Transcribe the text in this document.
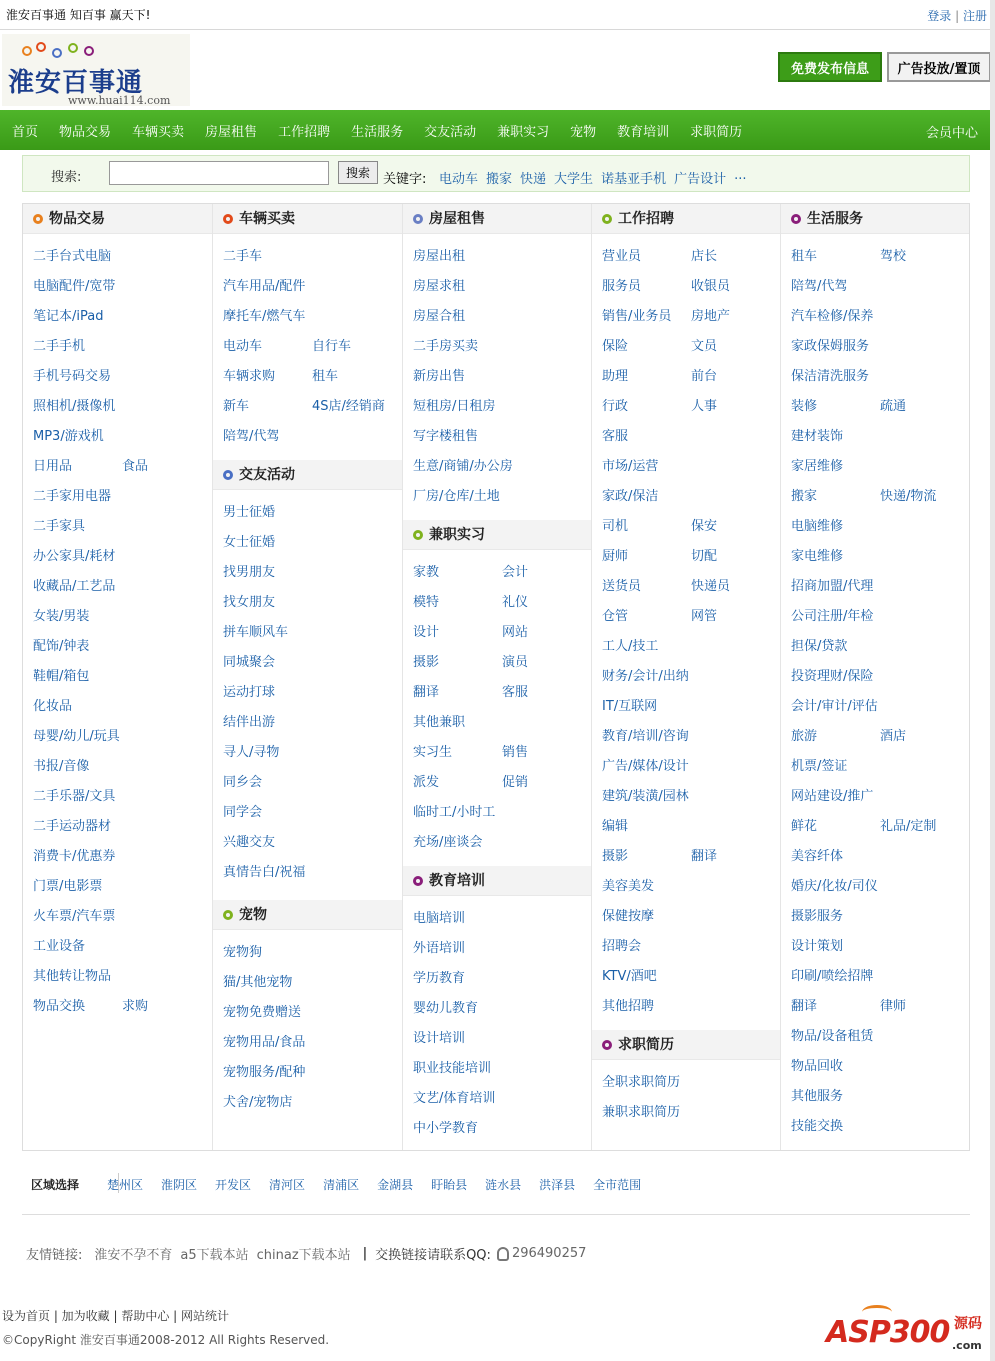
淮安百事通 知百事 赢天下!	登录 | 注册
淮安百事通
www.huai114.com
免费发布信息	广告投放/置顶
首页 物品交易 车辆买卖 房屋租售 工作招聘 生活服务 交友活动 兼职实习 宠物 教育培训 求职简历	会员中心
搜索:	搜索	关键字: 电动车 搬家 快递 大学生 诺基亚手机 广告设计 ...
物品交易
二手台式电脑
电脑配件/宽带
笔记本/iPad
二手手机
手机号码交易
照相机/摄像机
MP3/游戏机
日用品	食品
二手家用电器
二手家具
办公家具/耗材
收藏品/工艺品
女装/男装
配饰/钟表
鞋帽/箱包
化妆品
母婴/幼儿/玩具
书报/音像
二手乐器/文具
二手运动器材
消费卡/优惠券
门票/电影票
火车票/汽车票
工业设备
其他转让物品
物品交换	求购
车辆买卖
二手车
汽车用品/配件
摩托车/燃气车
电动车	自行车
车辆求购	租车
新车	4S店/经销商
陪驾/代驾
交友活动
男士征婚
女士征婚
找男朋友
找女朋友
拼车顺风车
同城聚会
运动打球
结伴出游
寻人/寻物
同乡会
同学会
兴趣交友
真情告白/祝福
宠物
宠物狗
猫/其他宠物
宠物免费赠送
宠物用品/食品
宠物服务/配种
犬舍/宠物店
房屋租售
房屋出租
房屋求租
房屋合租
二手房买卖
新房出售
短租房/日租房
写字楼租售
生意/商铺/办公房
厂房/仓库/土地
兼职实习
家教	会计
模特	礼仪
设计	网站
摄影	演员
翻译	客服
其他兼职
实习生	销售
派发	促销
临时工/小时工
充场/座谈会
教育培训
电脑培训
外语培训
学历教育
婴幼儿教育
设计培训
职业技能培训
文艺/体育培训
中小学教育
工作招聘
营业员	店长
服务员	收银员
销售/业务员 房地产
保险	文员
助理	前台
行政	人事
客服
市场/运营
家政/保洁
司机	保安
厨师	切配
送货员	快递员
仓管	网管
工人/技工
财务/会计/出纳
IT/互联网
教育/培训/咨询
广告/媒体/设计
建筑/装潢/园林
编辑
摄影	翻译
美容美发
保健按摩
招聘会
KTV/酒吧
其他招聘
求职简历
全职求职简历
兼职求职简历
生活服务
租车	驾校
陪驾/代驾
汽车检修/保养
家政保姆服务
保洁清洗服务
装修	疏通
建材装饰
家居维修
搬家	快递/物流
电脑维修
家电维修
招商加盟/代理
公司注册/年检
担保/贷款
投资理财/保险
会计/审计/评估
旅游	酒店
机票/签证
网站建设/推广
鲜花	礼品/定制
美容纤体
婚庆/化妆/司仪
摄影服务
设计策划
印刷/喷绘招牌
翻译	律师
物品/设备租赁
物品回收
其他服务
技能交换
区域选择 楚州区 淮阴区 开发区 清河区 清浦区 金湖县 盱眙县 涟水县 洪泽县 全市范围
友情链接: 淮安不孕不育 a5下载本站 chinaz下载本站 | 交换链接请联系QQ: 296490257
设为首页 | 加为收藏 | 帮助中心 | 网站统计
©CopyRight 淮安百事通2008-2012 All Rights Reserved.	ASP300 源码
.com
